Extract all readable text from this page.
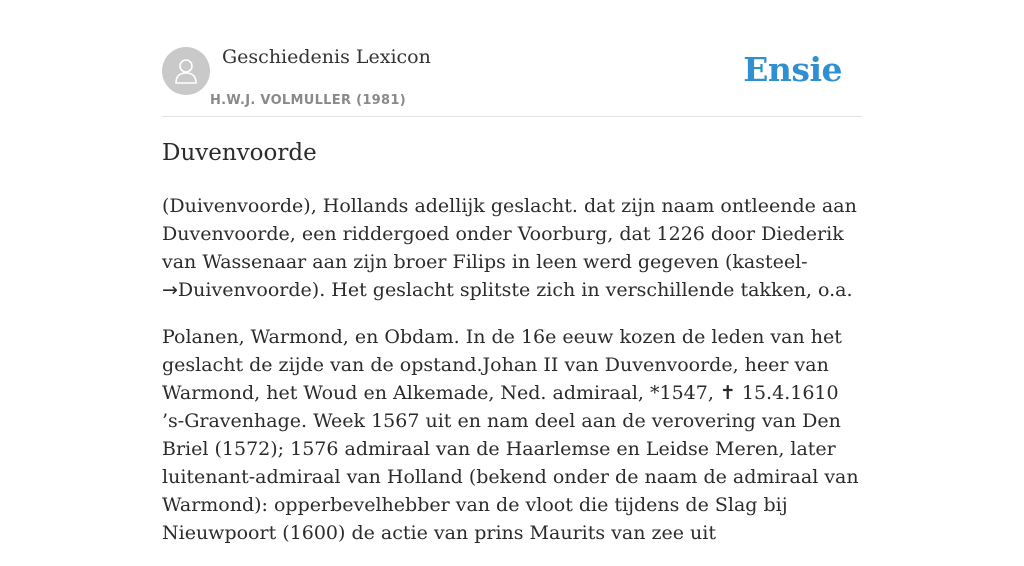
Geschiedenis Lexicon
H.W.J. VOLMULLER (1981)
Ensie
Duvenvoorde

(Duivenvoorde), Hollands adellijk geslacht. dat zijn naam ontleende aan Duvenvoorde, een riddergoed onder Voorburg, dat 1226 door Diederik van Wassenaar aan zijn broer Filips in leen werd gegeven (kasteel- →Duivenvoorde). Het geslacht splitste zich in verschillende takken, o.a.

Polanen, Warmond, en Obdam. In de 16e eeuw kozen de leden van het geslacht de zijde van de opstand.Johan II van Duvenvoorde, heer van Warmond, het Woud en Alkemade, Ned. admiraal, *1547, ✝ 15.4.1610 ’s-Gravenhage. Week 1567 uit en nam deel aan de verovering van Den Briel (1572); 1576 admiraal van de Haarlemse en Leidse Meren, later luitenant-admiraal van Holland (bekend onder de naam de admiraal van Warmond): opperbevelhebber van de vloot die tijdens de Slag bij Nieuwpoort (1600) de actie van prins Maurits van zee uit
